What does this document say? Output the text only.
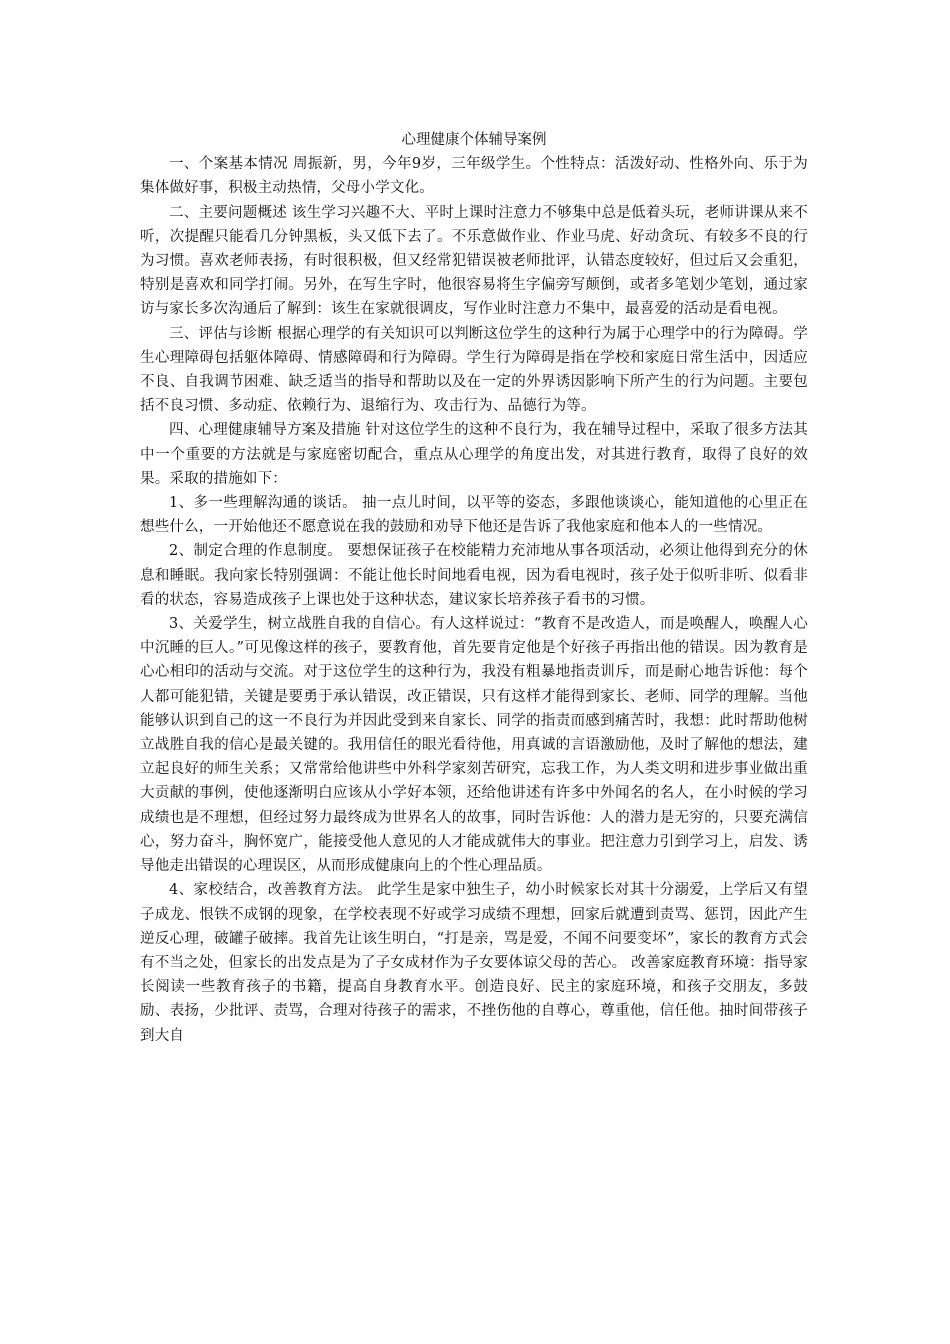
心理健康个体辅导案例

一、个案基本情况 周振新，男，今年9岁，三年级学生。个性特点：活泼好动、性格外向、乐于为集体做好事，积极主动热情，父母小学文化。

二、主要问题概述 该生学习兴趣不大、平时上课时注意力不够集中总是低着头玩，老师讲课从来不听，次提醒只能看几分钟黑板，头又低下去了。不乐意做作业、作业马虎、好动贪玩、有较多不良的行为习惯。喜欢老师表扬，有时很积极，但又经常犯错误被老师批评，认错态度较好，但过后又会重犯，特别是喜欢和同学打闹。另外，在写生字时，他很容易将生字偏旁写颠倒，或者多笔划少笔划，通过家访与家长多次沟通后了解到：该生在家就很调皮，写作业时注意力不集中，最喜爱的活动是看电视。

三、评估与诊断 根据心理学的有关知识可以判断这位学生的这种行为属于心理学中的行为障碍。学生心理障碍包括躯体障碍、情感障碍和行为障碍。学生行为障碍是指在学校和家庭日常生活中，因适应不良、自我调节困难、缺乏适当的指导和帮助以及在一定的外界诱因影响下所产生的行为问题。主要包括不良习惯、多动症、依赖行为、退缩行为、攻击行为、品德行为等。

四、心理健康辅导方案及措施 针对这位学生的这种不良行为，我在辅导过程中，采取了很多方法其中一个重要的方法就是与家庭密切配合，重点从心理学的角度出发，对其进行教育，取得了良好的效果。采取的措施如下：

1、多一些理解沟通的谈话。 抽一点儿时间，以平等的姿态，多跟他谈谈心，能知道他的心里正在想些什么，一开始他还不愿意说在我的鼓励和劝导下他还是告诉了我他家庭和他本人的一些情况。

2、制定合理的作息制度。 要想保证孩子在校能精力充沛地从事各项活动，必须让他得到充分的休息和睡眠。我向家长特别强调：不能让他长时间地看电视，因为看电视时，孩子处于似听非听、似看非看的状态，容易造成孩子上课也处于这种状态，建议家长培养孩子看书的习惯。

3、关爱学生，树立战胜自我的自信心。有人这样说过：“教育不是改造人，而是唤醒人，唤醒人心中沉睡的巨人。”可见像这样的孩子，要教育他，首先要肯定他是个好孩子再指出他的错误。因为教育是心心相印的活动与交流。对于这位学生的这种行为，我没有粗暴地指责训斥，而是耐心地告诉他：每个人都可能犯错，关键是要勇于承认错误，改正错误，只有这样才能得到家长、老师、同学的理解。当他能够认识到自己的这一不良行为并因此受到来自家长、同学的指责而感到痛苦时，我想：此时帮助他树立战胜自我的信心是最关键的。我用信任的眼光看待他，用真诚的言语激励他，及时了解他的想法，建立起良好的师生关系；又常常给他讲些中外科学家刻苦研究，忘我工作，为人类文明和进步事业做出重大贡献的事例，使他逐渐明白应该从小学好本领，还给他讲述有许多中外闻名的名人，在小时候的学习成绩也是不理想，但经过努力最终成为世界名人的故事，同时告诉他：人的潜力是无穷的，只要充满信心，努力奋斗，胸怀宽广，能接受他人意见的人才能成就伟大的事业。把注意力引到学习上，启发、诱导他走出错误的心理误区，从而形成健康向上的个性心理品质。

4、家校结合，改善教育方法。 此学生是家中独生子，幼小时候家长对其十分溺爱，上学后又有望子成龙、恨铁不成钢的现象，在学校表现不好或学习成绩不理想，回家后就遭到责骂、惩罚，因此产生逆反心理，破罐子破摔。我首先让该生明白，“打是亲，骂是爱，不闻不问要变坏”，家长的教育方式会有不当之处，但家长的出发点是为了子女成材作为子女要体谅父母的苦心。 改善家庭教育环境：指导家长阅读一些教育孩子的书籍，提高自身教育水平。创造良好、民主的家庭环境，和孩子交朋友，多鼓励、表扬，少批评、责骂，合理对待孩子的需求，不挫伤他的自尊心，尊重他，信任他。抽时间带孩子到大自
